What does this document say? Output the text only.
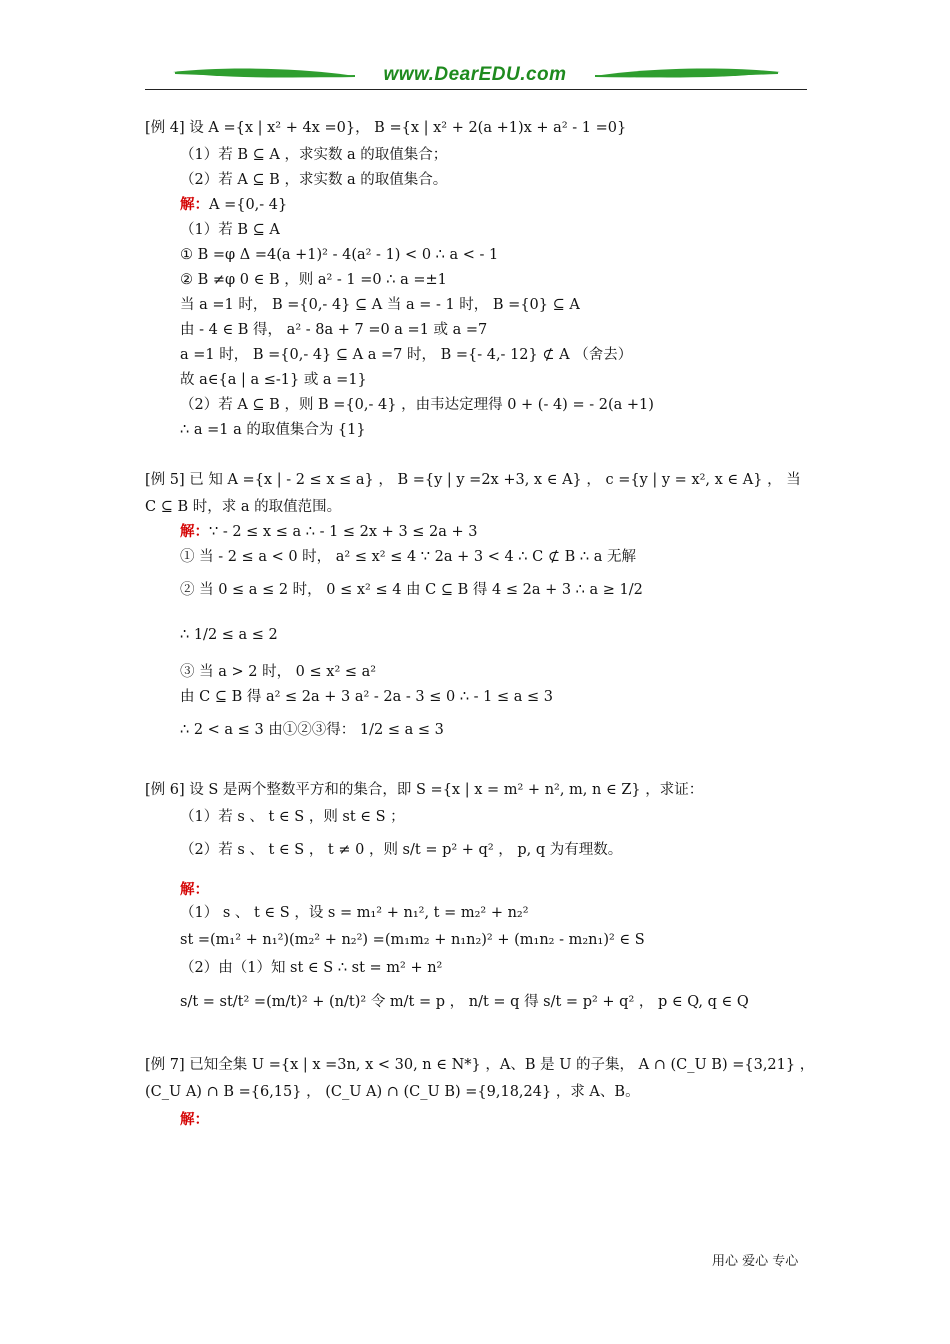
www.DearEDU.com
[例 4] 设 A ={x | x² + 4x =0}， B ={x | x² + 2(a +1)x + a² - 1 =0}
（1）若 B ⊆ A ，求实数 a 的取值集合；
（2）若 A ⊆ B ，求实数 a 的取值集合。
解：A ={0,- 4}
（1）若 B ⊆ A
① B =φ Δ =4(a +1)² - 4(a² - 1) < 0 ∴ a < - 1
② B ≠φ 0 ∈ B ，则 a² - 1 =0 ∴ a =±1
当 a =1 时， B ={0,- 4} ⊆ A 当 a = - 1 时， B ={0} ⊆ A
由 - 4 ∈ B 得， a² - 8a + 7 =0 a =1 或 a =7
a =1 时， B ={0,- 4} ⊆ A a =7 时， B ={- 4,- 12} ⊄ A （舍去）
故 a∈{a | a ≤-1} 或 a =1}
（2）若 A ⊆ B ，则 B ={0,- 4} ，由韦达定理得 0 + (- 4) = - 2(a +1)
∴ a =1 a 的取值集合为 {1}
[例 5] 已 知 A ={x | - 2 ≤ x ≤ a} ， B ={y | y =2x +3, x ∈ A} ， c ={y | y = x², x ∈ A} ， 当
C ⊆ B 时，求 a 的取值范围。
解：∵ - 2 ≤ x ≤ a ∴ - 1 ≤ 2x + 3 ≤ 2a + 3
① 当 - 2 ≤ a < 0 时， a² ≤ x² ≤ 4 ∵ 2a + 3 < 4 ∴ C ⊄ B ∴ a 无解
② 当 0 ≤ a ≤ 2 时， 0 ≤ x² ≤ 4 由 C ⊆ B 得 4 ≤ 2a + 3 ∴ a ≥ 1/2
∴ 1/2 ≤ a ≤ 2
③ 当 a > 2 时， 0 ≤ x² ≤ a²
由 C ⊆ B 得 a² ≤ 2a + 3 a² - 2a - 3 ≤ 0 ∴ - 1 ≤ a ≤ 3
∴ 2 < a ≤ 3 由①②③得： 1/2 ≤ a ≤ 3
[例 6] 设 S 是两个整数平方和的集合，即 S ={x | x = m² + n², m, n ∈ Z} ，求证：
（1）若 s 、 t ∈ S ，则 st ∈ S ；
（2）若 s 、 t ∈ S ， t ≠ 0 ，则 s/t = p² + q² ， p, q 为有理数。
解：
（1） s 、 t ∈ S ，设 s = m₁² + n₁², t = m₂² + n₂²
st =(m₁² + n₁²)(m₂² + n₂²) =(m₁m₂ + n₁n₂)² + (m₁n₂ - m₂n₁)² ∈ S
（2）由（1）知 st ∈ S ∴ st = m² + n²
s/t = st/t² =(m/t)² + (n/t)² 令 m/t = p ， n/t = q 得 s/t = p² + q² ， p ∈ Q, q ∈ Q
[例 7] 已知全集 U ={x | x =3n, x < 30, n ∈ N*} ，A、B 是 U 的子集， A ∩ (C_U B) ={3,21} ，
(C_U A) ∩ B ={6,15} ， (C_U A) ∩ (C_U B) ={9,18,24} ，求 A、B。
解：
用心 爱心 专心
